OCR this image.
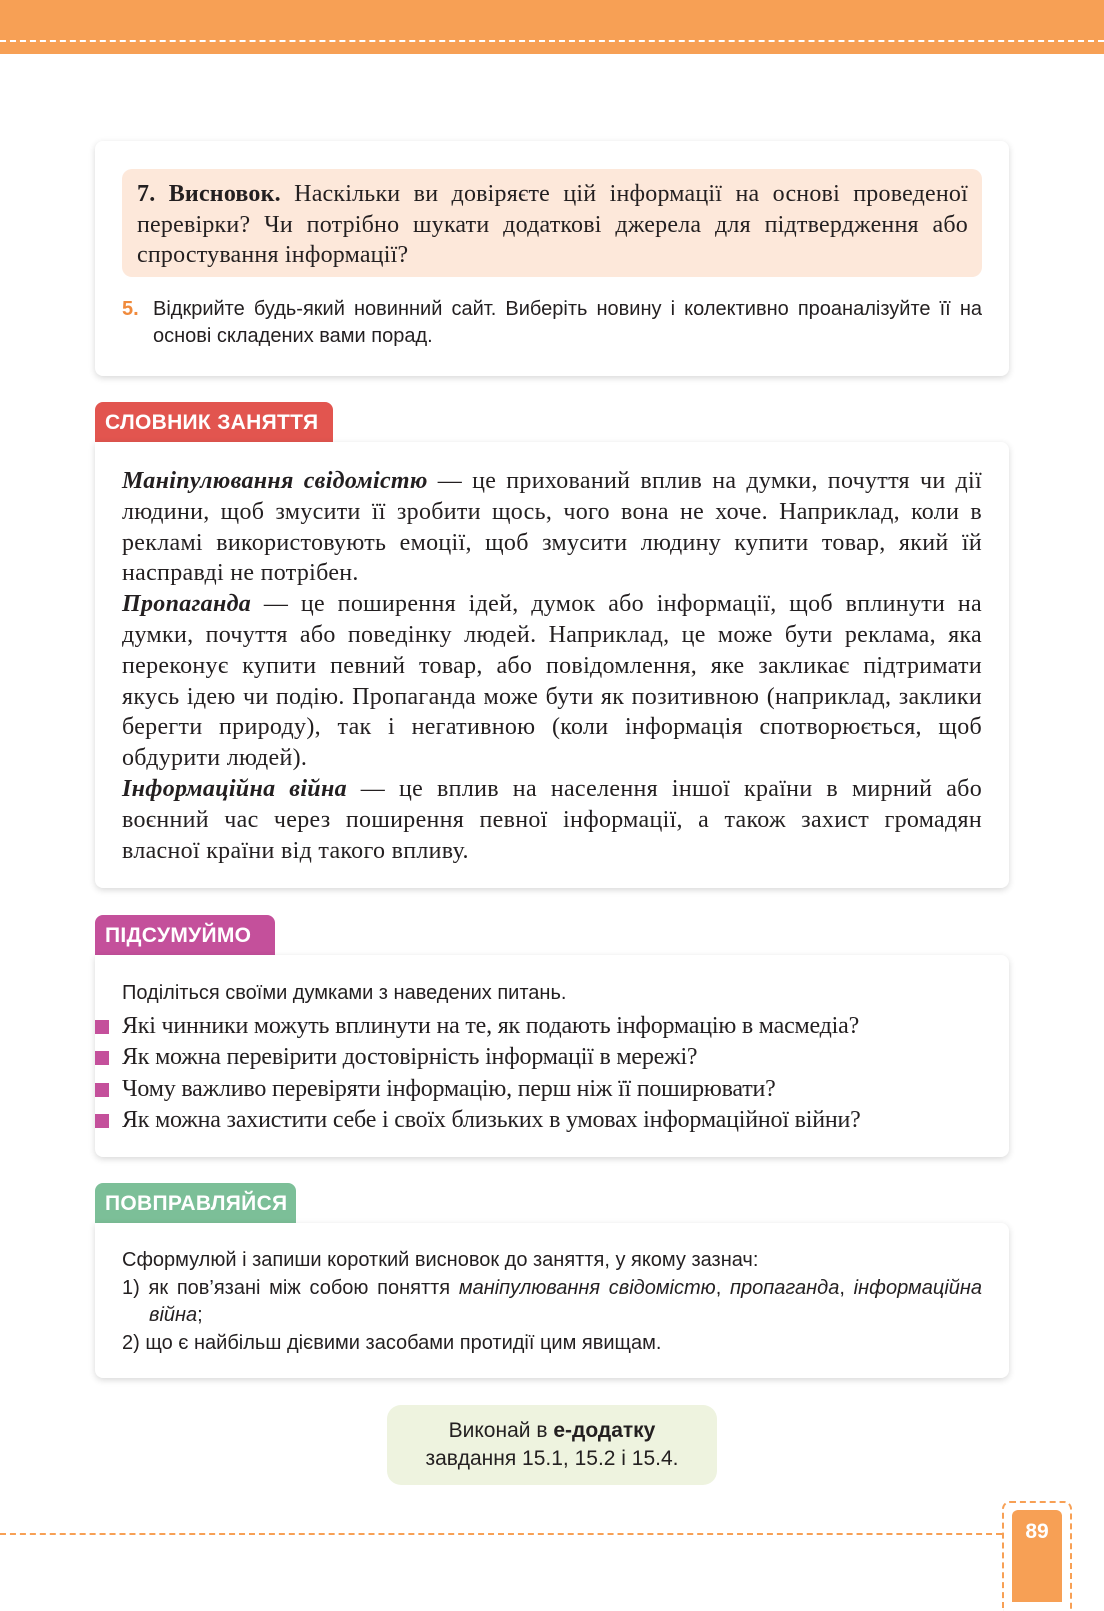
7. Висновок. Наскільки ви довіряєте цій інформації на основі проведеної перевірки? Чи потрібно шукати додаткові джерела для підтвердження або спростування інформації?
5. Відкрийте будь-який новинний сайт. Виберіть новину і колективно проаналізуйте її на основі складених вами порад.
СЛОВНИК ЗАНЯТТЯ

Маніпулювання свідомістю — це прихований вплив на думки, почуття чи дії людини, щоб змусити її зробити щось, чого вона не хоче. Наприклад, коли в рекламі використовують емоції, щоб змусити людину купити товар, який їй насправді не потрібен.

Пропаганда — це поширення ідей, думок або інформації, щоб вплинути на думки, почуття або поведінку людей. Наприклад, це може бути реклама, яка переконує купити певний товар, або повідомлення, яке закликає підтримати якусь ідею чи подію. Пропаганда може бути як позитивною (наприклад, заклики берегти природу), так і негативною (коли інформація спотворюється, щоб обдурити людей).

Інформаційна війна — це вплив на населення іншої країни в мирний або воєнний час через поширення певної інформації, а також захист громадян власної країни від такого впливу.

ПІДСУМУЙМО
Поділіться своїми думками з наведених питань.
Які чинники можуть вплинути на те, як подають інформацію в масмедіа?
Як можна перевірити достовірність інформації в мережі?
Чому важливо перевіряти інформацію, перш ніж її поширювати?
Як можна захистити себе і своїх близьких в умовах інформаційної війни?
ПОВПРАВЛЯЙСЯ

Сформулюй і запиши короткий висновок до заняття, у якому зазнач:

1) як пов’язані між собою поняття маніпулювання свідомістю, пропаганда, інформаційна війна;

2) що є найбільш дієвими засобами протидії цим явищам.

Виконай в е-додатку
завдання 15.1, 15.2 і 15.4.
89
